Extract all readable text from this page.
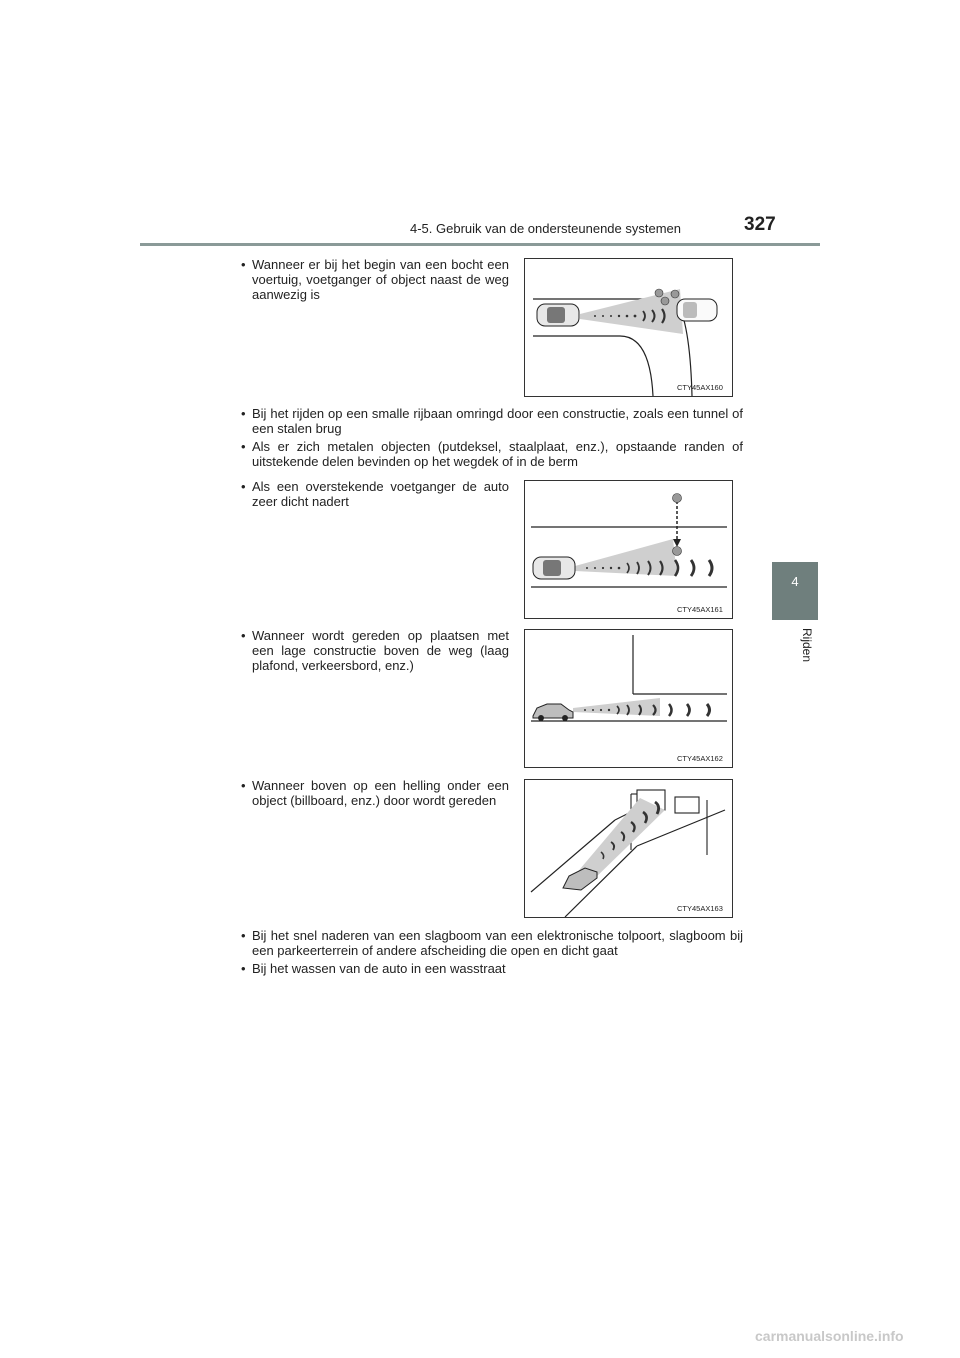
4-5. Gebruik van de ondersteunende systemen	327
4
Rijden
• Wanneer er bij het begin van een bocht een voertuig, voetganger of object naast de weg aanwezig is
CTY45AX160
• Bij het rijden op een smalle rijbaan omringd door een constructie, zoals een tunnel of een stalen brug
• Als er zich metalen objecten (putdeksel, staalplaat, enz.), opstaande randen of uitstekende delen bevinden op het wegdek of in de berm
• Als een overstekende voetganger de auto zeer dicht nadert
CTY45AX161
• Wanneer wordt gereden op plaatsen met een lage constructie boven de weg (laag plafond, verkeersbord, enz.)
CTY45AX162
• Wanneer boven op een helling onder een object (billboard, enz.) door wordt gereden
CTY45AX163
• Bij het snel naderen van een slagboom van een elektronische tolpoort, slagboom bij een parkeerterrein of andere afscheiding die open en dicht gaat
• Bij het wassen van de auto in een wasstraat
carmanualsonline.info
